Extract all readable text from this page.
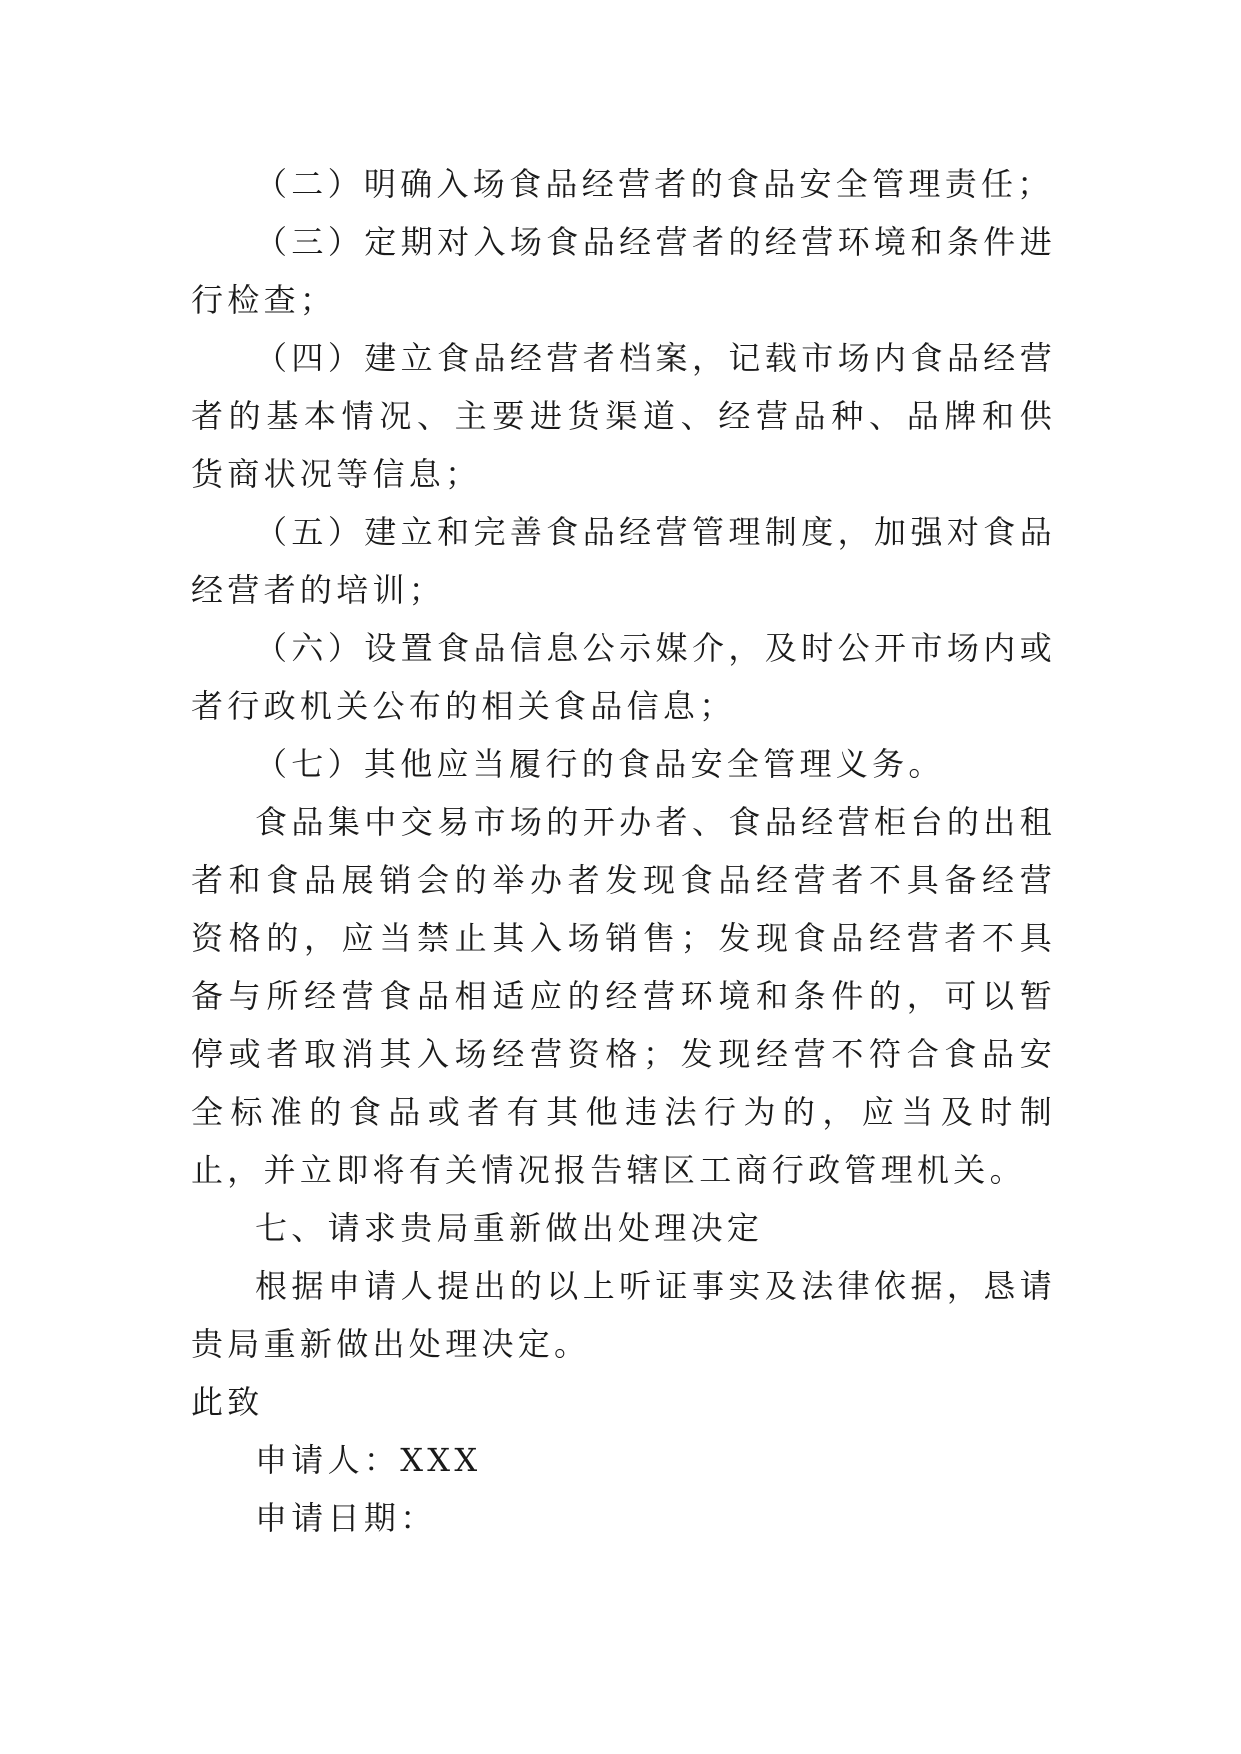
（二）明确入场食品经营者的食品安全管理责任；

（三）定期对入场食品经营者的经营环境和条件进行检查；

（四）建立食品经营者档案，记载市场内食品经营者的基本情况、主要进货渠道、经营品种、品牌和供货商状况等信息；

（五）建立和完善食品经营管理制度，加强对食品经营者的培训；

（六）设置食品信息公示媒介，及时公开市场内或者行政机关公布的相关食品信息；

（七）其他应当履行的食品安全管理义务。

食品集中交易市场的开办者、食品经营柜台的出租者和食品展销会的举办者发现食品经营者不具备经营资格的，应当禁止其入场销售；发现食品经营者不具备与所经营食品相适应的经营环境和条件的，可以暂停或者取消其入场经营资格；发现经营不符合食品安全标准的食品或者有其他违法行为的，应当及时制止，并立即将有关情况报告辖区工商行政管理机关。

七、请求贵局重新做出处理决定

根据申请人提出的以上听证事实及法律依据，恳请贵局重新做出处理决定。

此致

申请人：XXX

申请日期：
